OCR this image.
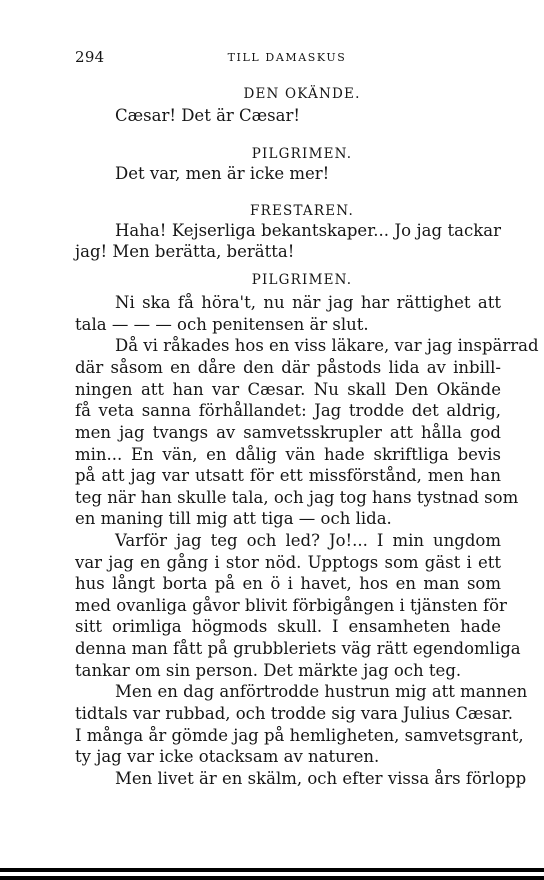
294	TILL DAMASKUS
DEN OKÄNDE.
Cæsar! Det är Cæsar!
PILGRIMEN.
Det var, men är icke mer!
FRESTAREN.
Haha! Kejserliga bekantskaper... Jo jag tackar
jag! Men berätta, berätta!
PILGRIMEN.
Ni ska få höra't, nu när jag har rättighet att
tala — — — och penitensen är slut.
Då vi råkades hos en viss läkare, var jag inspärrad
där såsom en dåre den där påstods lida av inbill-
ningen att han var Cæsar. Nu skall Den Okände
få veta sanna förhållandet: Jag trodde det aldrig,
men jag tvangs av samvetsskrupler att hålla god
min... En vän, en dålig vän hade skriftliga bevis
på att jag var utsatt för ett missförstånd, men han
teg när han skulle tala, och jag tog hans tystnad som
en maning till mig att tiga — och lida.
Varför jag teg och led? Jo!... I min ungdom
var jag en gång i stor nöd. Upptogs som gäst i ett
hus långt borta på en ö i havet, hos en man som
med ovanliga gåvor blivit förbigången i tjänsten för
sitt orimliga högmods skull. I ensamheten hade
denna man fått på grubbleriets väg rätt egendomliga
tankar om sin person. Det märkte jag och teg.
Men en dag anförtrodde hustrun mig att mannen
tidtals var rubbad, och trodde sig vara Julius Cæsar.
I många år gömde jag på hemligheten, samvetsgrant,
ty jag var icke otacksam av naturen.
Men livet är en skälm, och efter vissa års förlopp
